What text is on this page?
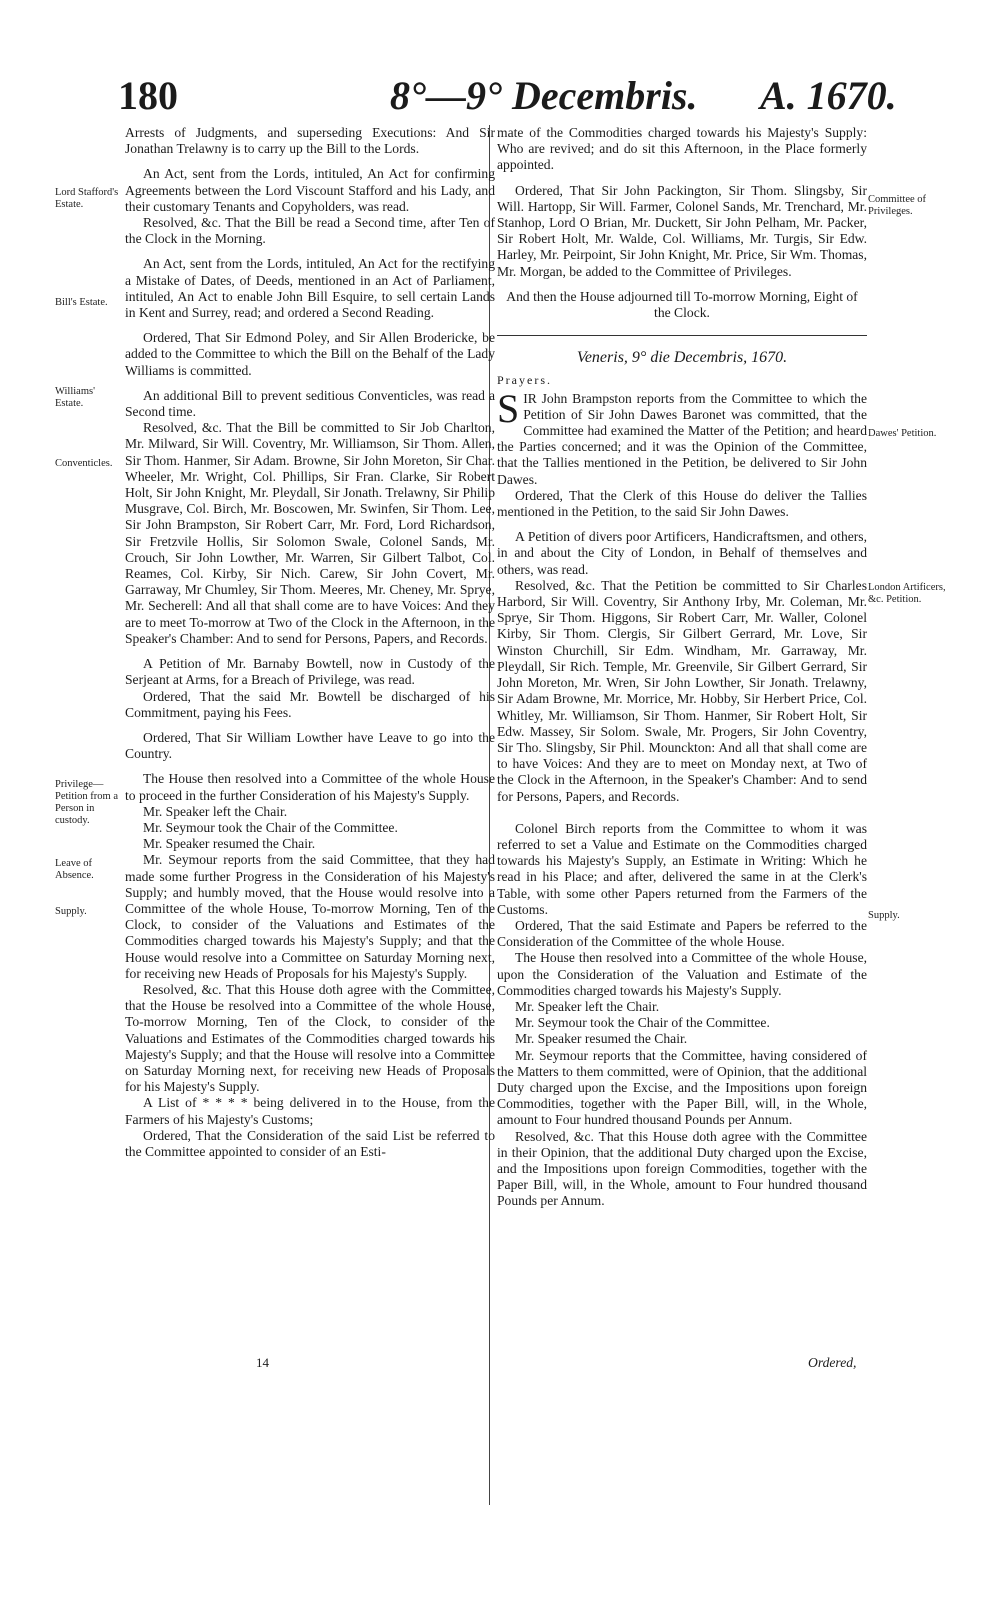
180	8°—9° Decembris. A. 1670.
Lord Stafford's Estate.
Bill's Estate.
Williams' Estate.
Conventicles.
Privilege—Petition from a Person in custody.
Leave of Absence.
Supply.
Committee of Privileges.
Dawes' Petition.
London Artificers, &c. Petition.
Supply.

Arrests of Judgments, and superseding Executions: And Sir Jonathan Trelawny is to carry up the Bill to the Lords.

An Act, sent from the Lords, intituled, An Act for confirming Agreements between the Lord Viscount Stafford and his Lady, and their customary Tenants and Copyholders, was read.

Resolved, &c. That the Bill be read a Second time, after Ten of the Clock in the Morning.

An Act, sent from the Lords, intituled, An Act for the rectifying a Mistake of Dates, of Deeds, mentioned in an Act of Parliament, intituled, An Act to enable John Bill Esquire, to sell certain Lands in Kent and Surrey, read; and ordered a Second Reading.

Ordered, That Sir Edmond Poley, and Sir Allen Brodericke, be added to the Committee to which the Bill on the Behalf of the Lady Williams is committed.

An additional Bill to prevent seditious Conventicles, was read a Second time.

Resolved, &c. That the Bill be committed to Sir Job Charlton, Mr. Milward, Sir Will. Coventry, Mr. Williamson, Sir Thom. Allen, Sir Thom. Hanmer, Sir Adam. Browne, Sir John Moreton, Sir Char. Wheeler, Mr. Wright, Col. Phillips, Sir Fran. Clarke, Sir Robert Holt, Sir John Knight, Mr. Pleydall, Sir Jonath. Trelawny, Sir Philip Musgrave, Col. Birch, Mr. Boscowen, Mr. Swinfen, Sir Thom. Lee, Sir John Brampston, Sir Robert Carr, Mr. Ford, Lord Richardson, Sir Fretzvile Hollis, Sir Solomon Swale, Colonel Sands, Mr. Crouch, Sir John Lowther, Mr. Warren, Sir Gilbert Talbot, Col. Reames, Col. Kirby, Sir Nich. Carew, Sir John Covert, Mr. Garraway, Mr Chumley, Sir Thom. Meeres, Mr. Cheney, Mr. Sprye, Mr. Secherell: And all that shall come are to have Voices: And they are to meet To-morrow at Two of the Clock in the Afternoon, in the Speaker's Chamber: And to send for Persons, Papers, and Records.

A Petition of Mr. Barnaby Bowtell, now in Custody of the Serjeant at Arms, for a Breach of Privilege, was read.

Ordered, That the said Mr. Bowtell be discharged of his Commitment, paying his Fees.

Ordered, That Sir William Lowther have Leave to go into the Country.

The House then resolved into a Committee of the whole House to proceed in the further Consideration of his Majesty's Supply.

Mr. Speaker left the Chair.

Mr. Seymour took the Chair of the Committee.

Mr. Speaker resumed the Chair.

Mr. Seymour reports from the said Committee, that they had made some further Progress in the Consideration of his Majesty's Supply; and humbly moved, that the House would resolve into a Committee of the whole House, To-morrow Morning, Ten of the Clock, to consider of the Valuations and Estimates of the Commodities charged towards his Majesty's Supply; and that the House would resolve into a Committee on Saturday Morning next, for receiving new Heads of Proposals for his Majesty's Supply.

Resolved, &c. That this House doth agree with the Committee, that the House be resolved into a Committee of the whole House, To-morrow Morning, Ten of the Clock, to consider of the Valuations and Estimates of the Commodities charged towards his Majesty's Supply; and that the House will resolve into a Committee on Saturday Morning next, for receiving new Heads of Proposals for his Majesty's Supply.

A List of * * * * being delivered in to the House, from the Farmers of his Majesty's Customs;

Ordered, That the Consideration of the said List be referred to the Committee appointed to consider of an Esti-

mate of the Commodities charged towards his Majesty's Supply: Who are revived; and do sit this Afternoon, in the Place formerly appointed.

Ordered, That Sir John Packington, Sir Thom. Slingsby, Sir Will. Hartopp, Sir Will. Farmer, Colonel Sands, Mr. Trenchard, Mr. Stanhop, Lord O Brian, Mr. Duckett, Sir John Pelham, Mr. Packer, Sir Robert Holt, Mr. Walde, Col. Williams, Mr. Turgis, Sir Edw. Harley, Mr. Peirpoint, Sir John Knight, Mr. Price, Sir Wm. Thomas, Mr. Morgan, be added to the Committee of Privileges.

And then the House adjourned till To-morrow Morning, Eight of the Clock.

Veneris, 9° die Decembris, 1670.

Prayers.

SIR John Brampston reports from the Committee to which the Petition of Sir John Dawes Baronet was committed, that the Committee had examined the Matter of the Petition; and heard the Parties concerned; and it was the Opinion of the Committee, that the Tallies mentioned in the Petition, be delivered to Sir John Dawes.

Ordered, That the Clerk of this House do deliver the Tallies mentioned in the Petition, to the said Sir John Dawes.

A Petition of divers poor Artificers, Handicraftsmen, and others, in and about the City of London, in Behalf of themselves and others, was read.

Resolved, &c. That the Petition be committed to Sir Charles Harbord, Sir Will. Coventry, Sir Anthony Irby, Mr. Coleman, Mr. Sprye, Sir Thom. Higgons, Sir Robert Carr, Mr. Waller, Colonel Kirby, Sir Thom. Clergis, Sir Gilbert Gerrard, Mr. Love, Sir Winston Churchill, Sir Edm. Windham, Mr. Garraway, Mr. Pleydall, Sir Rich. Temple, Mr. Greenvile, Sir Gilbert Gerrard, Sir John Moreton, Mr. Wren, Sir John Lowther, Sir Jonath. Trelawny, Sir Adam Browne, Mr. Morrice, Mr. Hobby, Sir Herbert Price, Col. Whitley, Mr. Williamson, Sir Thom. Hanmer, Sir Robert Holt, Sir Edw. Massey, Sir Solom. Swale, Mr. Progers, Sir John Coventry, Sir Tho. Slingsby, Sir Phil. Mounckton: And all that shall come are to have Voices: And they are to meet on Monday next, at Two of the Clock in the Afternoon, in the Speaker's Chamber: And to send for Persons, Papers, and Records.

Colonel Birch reports from the Committee to whom it was referred to set a Value and Estimate on the Commodities charged towards his Majesty's Supply, an Estimate in Writing: Which he read in his Place; and after, delivered the same in at the Clerk's Table, with some other Papers returned from the Farmers of the Customs.

Ordered, That the said Estimate and Papers be referred to the Consideration of the Committee of the whole House.

The House then resolved into a Committee of the whole House, upon the Consideration of the Valuation and Estimate of the Commodities charged towards his Majesty's Supply.

Mr. Speaker left the Chair.

Mr. Seymour took the Chair of the Committee.

Mr. Speaker resumed the Chair.

Mr. Seymour reports that the Committee, having considered of the Matters to them committed, were of Opinion, that the additional Duty charged upon the Excise, and the Impositions upon foreign Commodities, together with the Paper Bill, will, in the Whole, amount to Four hundred thousand Pounds per Annum.

Resolved, &c. That this House doth agree with the Committee in their Opinion, that the additional Duty charged upon the Excise, and the Impositions upon foreign Commodities, together with the Paper Bill, will, in the Whole, amount to Four hundred thousand Pounds per Annum.

14	Ordered,
